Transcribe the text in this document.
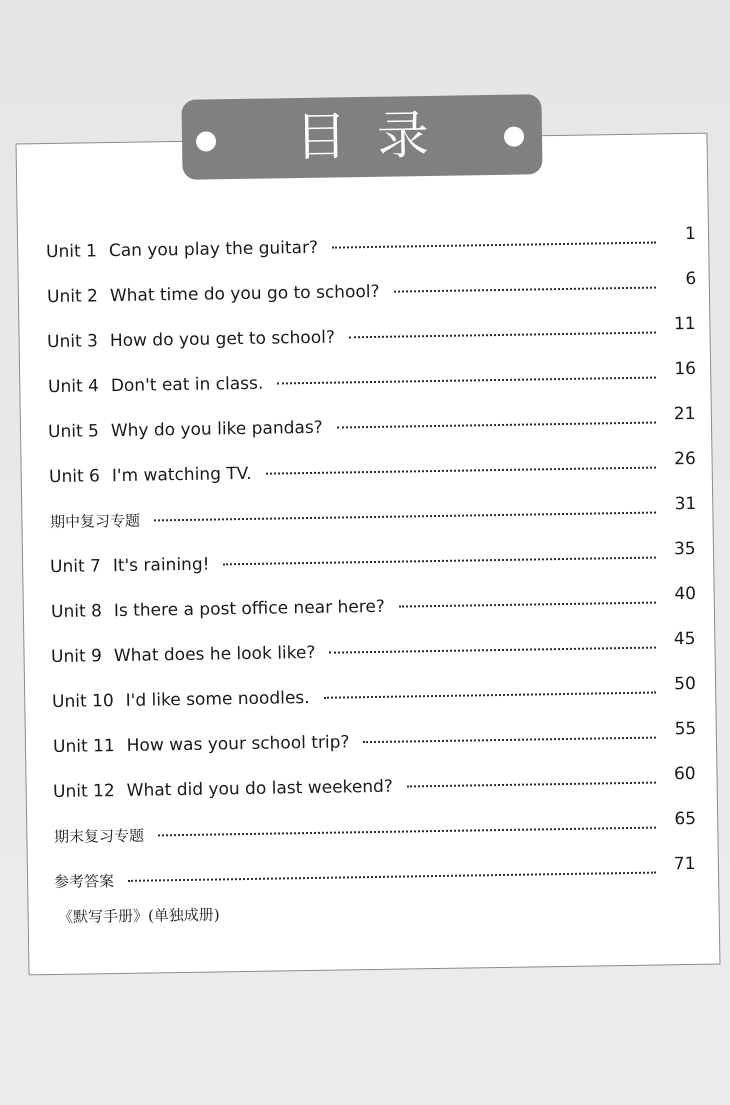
目录
Unit 1 Can you play the guitar?
1
Unit 2 What time do you go to school?
6
Unit 3 How do you get to school?
11
Unit 4 Don't eat in class.
16
Unit 5 Why do you like pandas?
21
Unit 6 I'm watching TV.
26
期中复习专题
31
Unit 7 It's raining!
35
Unit 8 Is there a post office near here?
40
Unit 9 What does he look like?
45
Unit 10 I'd like some noodles.
50
Unit 11 How was your school trip?
55
Unit 12 What did you do last weekend?
60
期末复习专题
65
参考答案
71
《默写手册》(单独成册)
